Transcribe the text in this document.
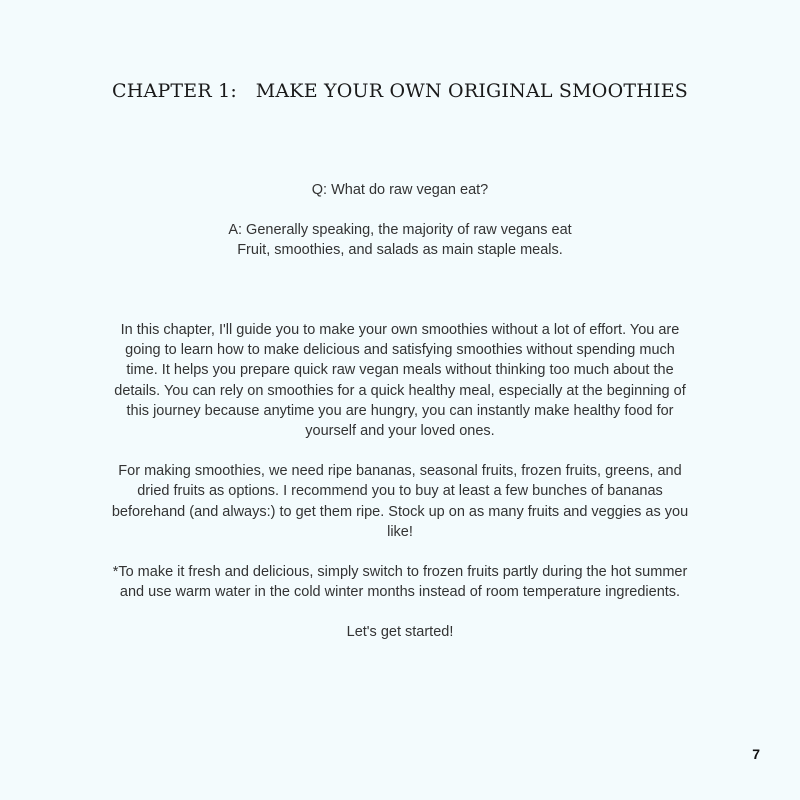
CHAPTER 1:   MAKE YOUR OWN ORIGINAL SMOOTHIES

Q: What do raw vegan eat?

A: Generally speaking, the majority of raw vegans eat

Fruit, smoothies, and salads as main staple meals.

In this chapter, I'll guide you to make your own smoothies without a lot of effort. You are going to learn how to make delicious and satisfying smoothies without spending much time. It helps you prepare quick raw vegan meals without thinking too much about the details. You can rely on smoothies for a quick healthy meal, especially at the beginning of this journey because anytime you are hungry, you can instantly make healthy food for yourself and your loved ones.

For making smoothies, we need ripe bananas, seasonal fruits, frozen fruits, greens, and dried fruits as options. I recommend you to buy at least a few bunches of bananas beforehand (and always:) to get them ripe. Stock up on as many fruits and veggies as you like!

*To make it fresh and delicious, simply switch to frozen fruits partly during the hot summer and use warm water in the cold winter months instead of room temperature ingredients.

Let's get started!

7
